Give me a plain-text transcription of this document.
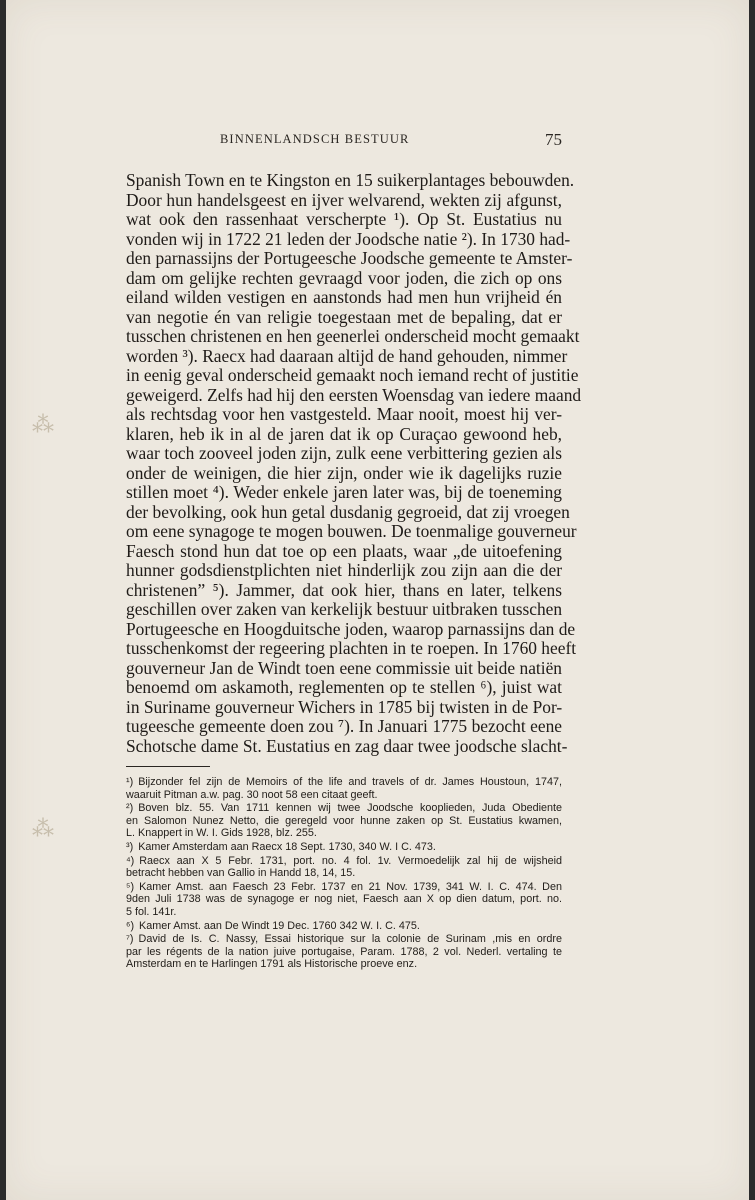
⁂
⁂
BINNENLANDSCH BESTUUR	75
Spanish Town en te Kingston en 15 suikerplantages bebouwden.
Door hun handelsgeest en ijver welvarend, wekten zij afgunst,
wat ook den rassenhaat verscherpte ¹). Op St. Eustatius nu
vonden wij in 1722 21 leden der Joodsche natie ²). In 1730 had-
den parnassijns der Portugeesche Joodsche gemeente te Amster-
dam om gelijke rechten gevraagd voor joden, die zich op ons
eiland wilden vestigen en aanstonds had men hun vrijheid én
van negotie én van religie toegestaan met de bepaling, dat er
tusschen christenen en hen geenerlei onderscheid mocht gemaakt
worden ³). Raecx had daaraan altijd de hand gehouden, nimmer
in eenig geval onderscheid gemaakt noch iemand recht of justitie
geweigerd. Zelfs had hij den eersten Woensdag van iedere maand
als rechtsdag voor hen vastgesteld. Maar nooit, moest hij ver-
klaren, heb ik in al de jaren dat ik op Curaçao gewoond heb,
waar toch zooveel joden zijn, zulk eene verbittering gezien als
onder de weinigen, die hier zijn, onder wie ik dagelijks ruzie
stillen moet ⁴). Weder enkele jaren later was, bij de toeneming
der bevolking, ook hun getal dusdanig gegroeid, dat zij vroegen
om eene synagoge te mogen bouwen. De toenmalige gouverneur
Faesch stond hun dat toe op een plaats, waar „de uitoefening
hunner godsdienstplichten niet hinderlijk zou zijn aan die der
christenen” ⁵). Jammer, dat ook hier, thans en later, telkens
geschillen over zaken van kerkelijk bestuur uitbraken tusschen
Portugeesche en Hoogduitsche joden, waarop parnassijns dan de
tusschenkomst der regeering plachten in te roepen. In 1760 heeft
gouverneur Jan de Windt toen eene commissie uit beide natiën
benoemd om askamoth, reglementen op te stellen ⁶), juist wat
in Suriname gouverneur Wichers in 1785 bij twisten in de Por-
tugeesche gemeente doen zou ⁷). In Januari 1775 bezocht eene
Schotsche dame St. Eustatius en zag daar twee joodsche slacht-
¹) Bijzonder fel zijn de Memoirs of the life and travels of dr. James Houstoun, 1747,
waaruit Pitman a.w. pag. 30 noot 58 een citaat geeft.
²) Boven blz. 55. Van 1711 kennen wij twee Joodsche kooplieden, Juda Obediente
en Salomon Nunez Netto, die geregeld voor hunne zaken op St. Eustatius kwamen,
L. Knappert in W. I. Gids 1928, blz. 255.
³) Kamer Amsterdam aan Raecx 18 Sept. 1730, 340 W. I C. 473.
⁴) Raecx aan X 5 Febr. 1731, port. no. 4 fol. 1v. Vermoedelijk zal hij de wijsheid
betracht hebben van Gallio in Handd 18, 14, 15.
⁵) Kamer Amst. aan Faesch 23 Febr. 1737 en 21 Nov. 1739, 341 W. I. C. 474. Den
9den Juli 1738 was de synagoge er nog niet, Faesch aan X op dien datum, port. no.
5 fol. 141r.
⁶) Kamer Amst. aan De Windt 19 Dec. 1760 342 W. I. C. 475.
⁷) David de Is. C. Nassy, Essai historique sur la colonie de Surinam ,mis en ordre
par les régents de la nation juive portugaise, Param. 1788, 2 vol. Nederl. vertaling te
Amsterdam en te Harlingen 1791 als Historische proeve enz.
